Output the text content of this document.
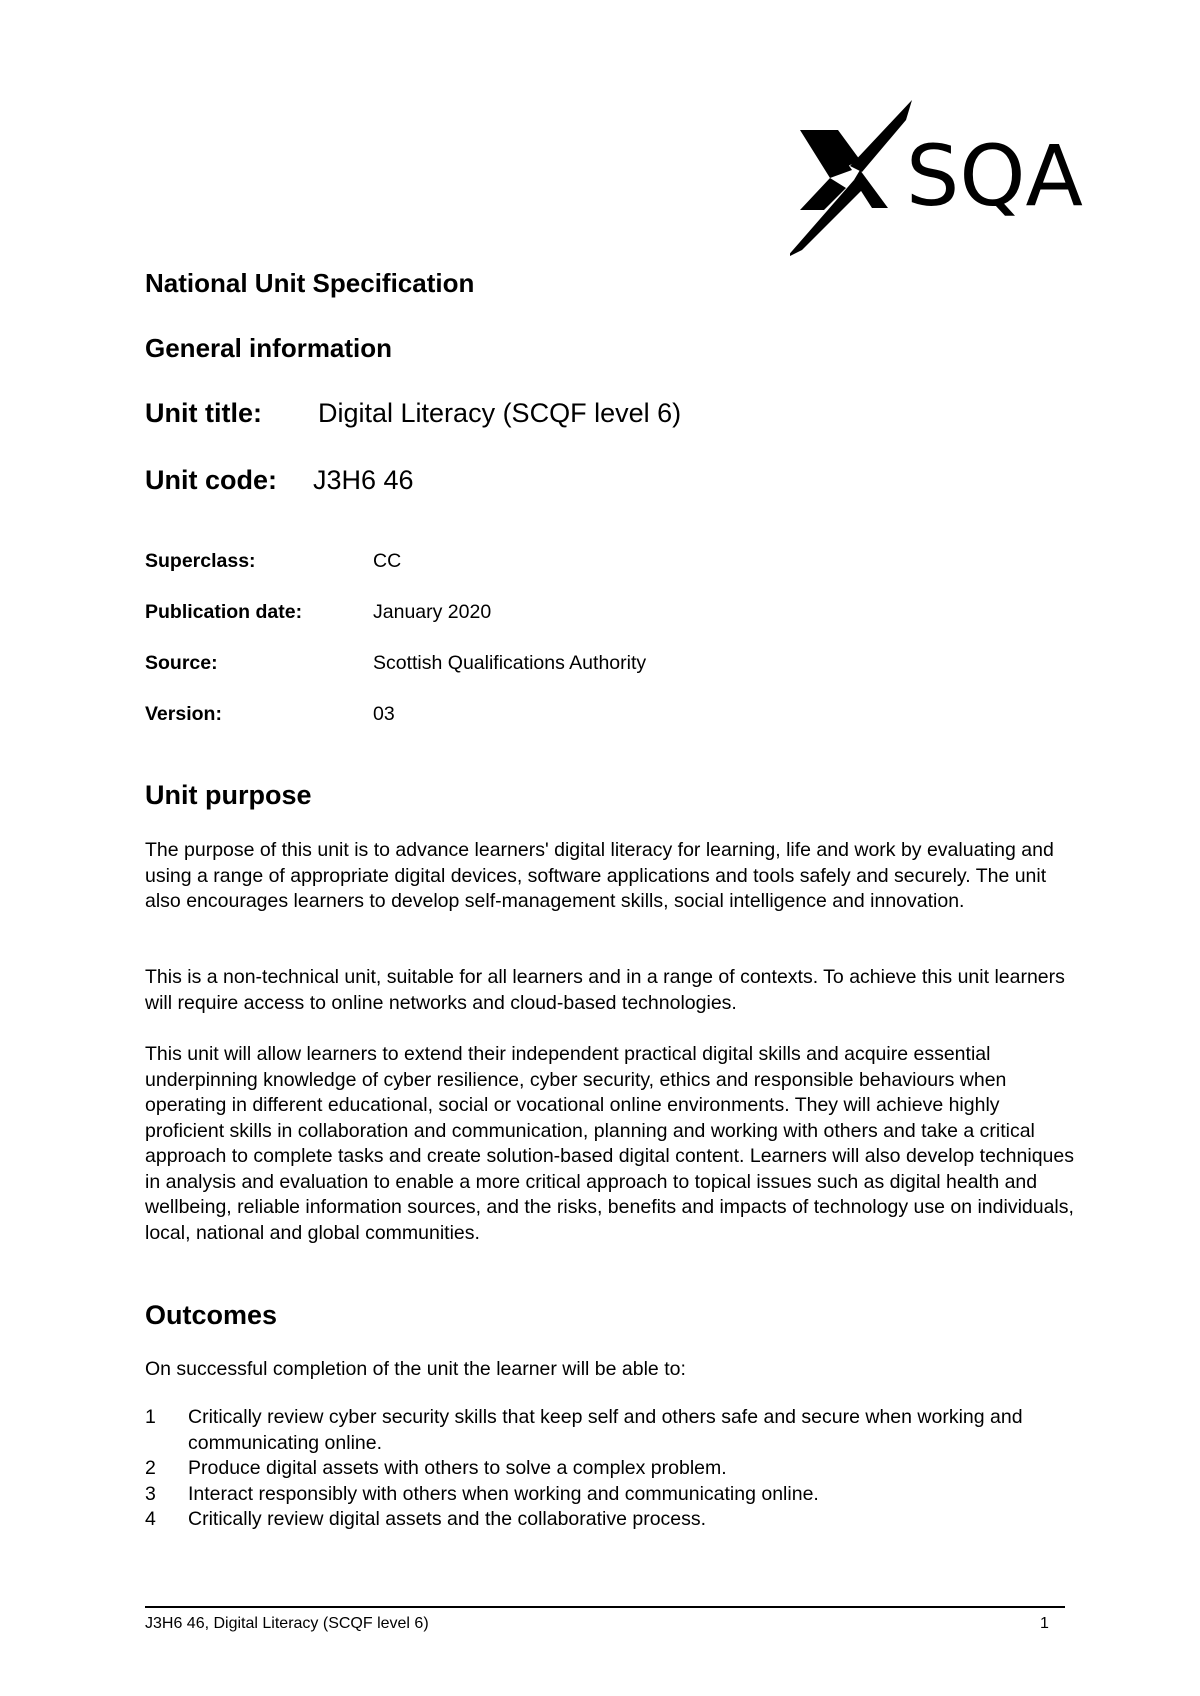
SQA
National Unit Specification
General information
Unit title: Digital Literacy (SCQF level 6)
Unit code: J3H6 46
Superclass:	CC
Publication date:	January 2020
Source:	Scottish Qualifications Authority
Version:	03
Unit purpose

The purpose of this unit is to advance learners' digital literacy for learning, life and work by evaluating and using a range of appropriate digital devices, software applications and tools safely and securely. The unit also encourages learners to develop self-management skills, social intelligence and innovation.

This is a non-technical unit, suitable for all learners and in a range of contexts. To achieve this unit learners will require access to online networks and cloud-based technologies.

This unit will allow learners to extend their independent practical digital skills and acquire essential underpinning knowledge of cyber resilience, cyber security, ethics and responsible behaviours when operating in different educational, social or vocational online environments. They will achieve highly proficient skills in collaboration and communication, planning and working with others and take a critical approach to complete tasks and create solution-based digital content. Learners will also develop techniques in analysis and evaluation to enable a more critical approach to topical issues such as digital health and wellbeing, reliable information sources, and the risks, benefits and impacts of technology use on individuals, local, national and global communities.

Outcomes
On successful completion of the unit the learner will be able to:
1	Critically review cyber security skills that keep self and others safe and secure when working and communicating online.
2	Produce digital assets with others to solve a complex problem.
3	Interact responsibly with others when working and communicating online.
4	Critically review digital assets and the collaborative process.
J3H6 46, Digital Literacy (SCQF level 6)	1
